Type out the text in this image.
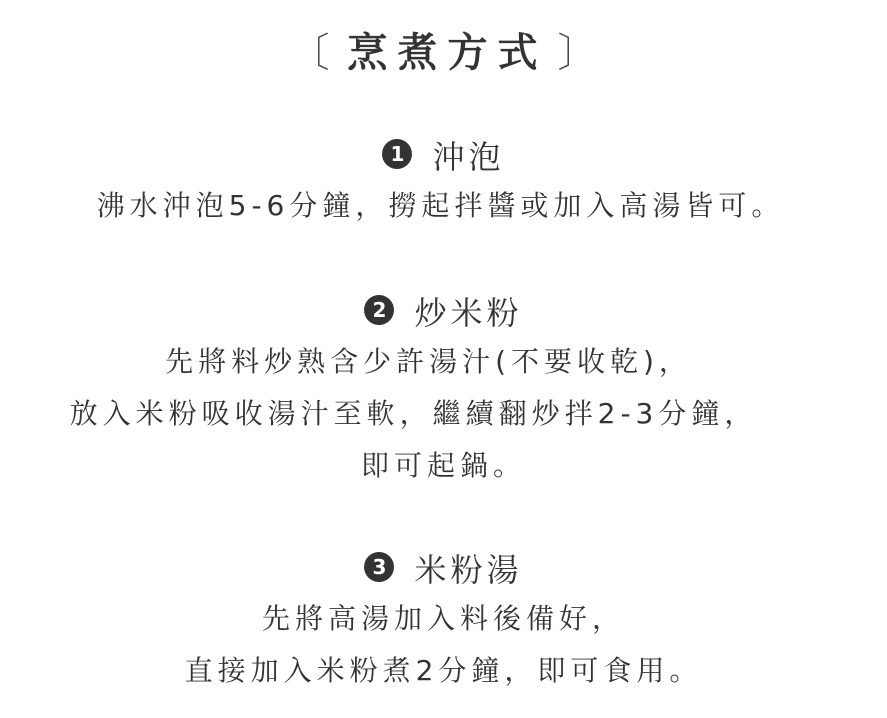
〔 烹煮方式 〕
1 沖泡
沸水沖泡5-6分鐘，撈起拌醬或加入高湯皆可。
2 炒米粉
先將料炒熟含少許湯汁(不要收乾)，
放入米粉吸收湯汁至軟，繼續翻炒拌2-3分鐘，
即可起鍋。
3 米粉湯
先將高湯加入料後備好，
直接加入米粉煮2分鐘，即可食用。
